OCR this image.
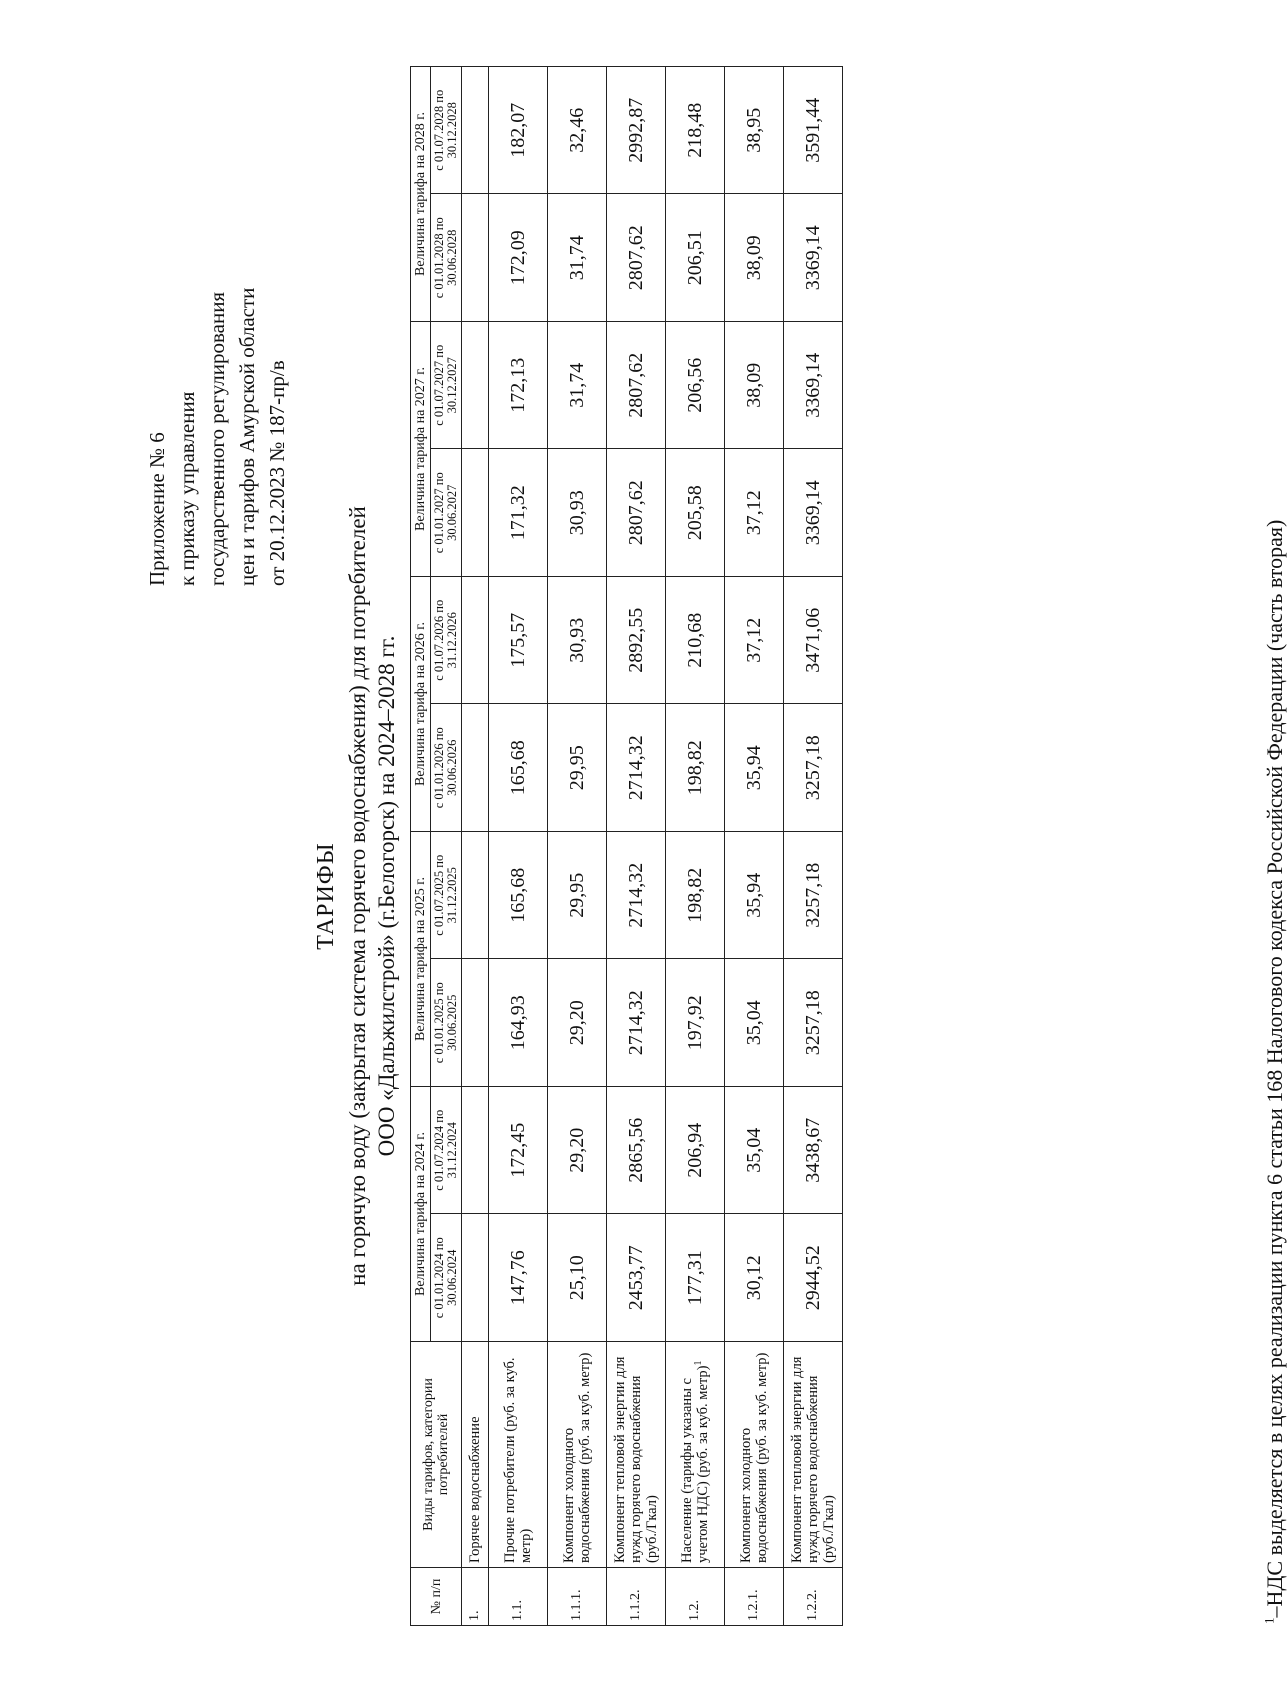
Приложение № 6 к приказу управления государственного регулирования цен и тарифов Амурской области от 20.12.2023 № 187-пр/в
ТАРИФЫ на горячую воду (закрытая система горячего водоснабжения) для потребителей ООО «Дальжилстрой» (г.Белогорск) на 2024–2028 гг.
№ п/п	Виды тарифов, категории потребителей	Величина тарифа на 2024 г.		Величина тарифа на 2025 г.		Величина тарифа на 2026 г.		Величина тарифа на 2027 г.		Величина тарифа на 2028 г.	
		с 01.01.2024 по 30.06.2024	с 01.07.2024 по 31.12.2024	с 01.01.2025 по 30.06.2025	с 01.07.2025 по 31.12.2025	с 01.01.2026 по 30.06.2026	с 01.07.2026 по 31.12.2026	с 01.01.2027 по 30.06.2027	с 01.07.2027 по 30.12.2027	с 01.01.2028 по 30.06.2028	с 01.07.2028 по 30.12.2028
1.	Горячее водоснабжение										
1.1.	Прочие потребители (руб. за куб. метр)	147,76	172,45	164,93	165,68	165,68	175,57	171,32	172,13	172,09	182,07
1.1.1.	Компонент холодного водоснабжения (руб. за куб. метр)	25,10	29,20	29,20	29,95	29,95	30,93	30,93	31,74	31,74	32,46
1.1.2.	Компонент тепловой энергии для нужд горячего водоснабжения (руб./Гкал)	2453,77	2865,56	2714,32	2714,32	2714,32	2892,55	2807,62	2807,62	2807,62	2992,87
1.2.	Население (тарифы указаны с учетом НДС) (руб. за куб. метр)$^1$	177,31	206,94	197,92	198,82	198,82	210,68	205,58	206,56	206,51	218,48
1.2.1.	Компонент холодного водоснабжения (руб. за куб. метр)	30,12	35,04	35,04	35,94	35,94	37,12	37,12	38,09	38,09	38,95
1.2.2.	Компонент тепловой энергии для нужд горячего водоснабжения (руб./Гкал)	2944,52	3438,67	3257,18	3257,18	3257,18	3471,06	3369,14	3369,14	3369,14	3591,44
$^1$–НДС выделяется в целях реализации пункта 6 статьи 168 Налогового кодекса Российской Федерации (часть вторая)
